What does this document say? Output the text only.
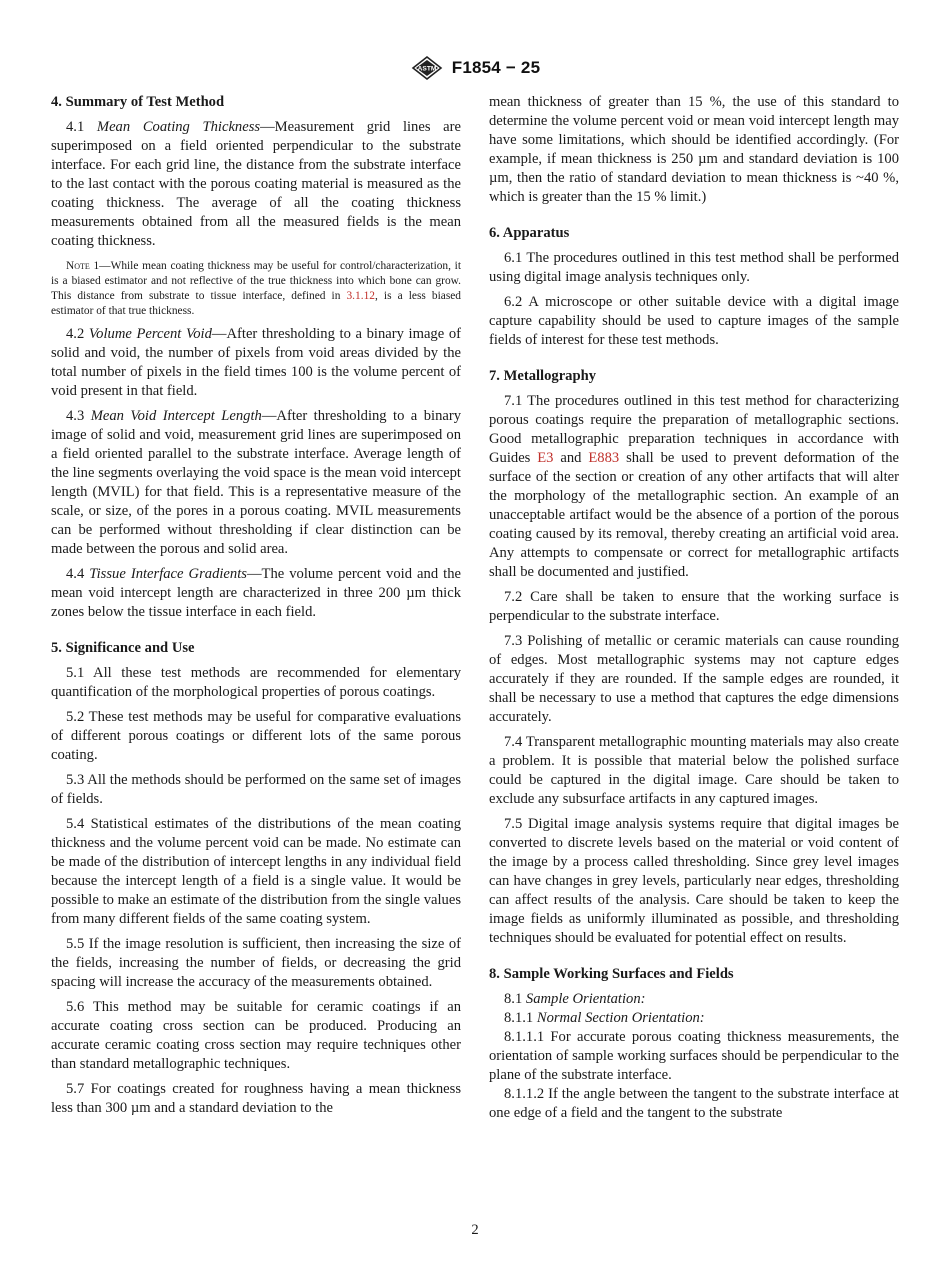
ASTM F1854 − 25
4. Summary of Test Method

4.1 Mean Coating Thickness—Measurement grid lines are superimposed on a field oriented perpendicular to the substrate interface. For each grid line, the distance from the substrate interface to the last contact with the porous coating material is measured as the coating thickness. The average of all the coating thickness measurements obtained from all the measured fields is the mean coating thickness.

Note 1—While mean coating thickness may be useful for control/characterization, it is a biased estimator and not reflective of the true thickness into which bone can grow. This distance from substrate to tissue interface, defined in 3.1.12, is a less biased estimator of that true thickness.

4.2 Volume Percent Void—After thresholding to a binary image of solid and void, the number of pixels from void areas divided by the total number of pixels in the field times 100 is the volume percent of void present in that field.

4.3 Mean Void Intercept Length—After thresholding to a binary image of solid and void, measurement grid lines are superimposed on a field oriented parallel to the substrate interface. Average length of the line segments overlaying the void space is the mean void intercept length (MVIL) for that field. This is a representative measure of the scale, or size, of the pores in a porous coating. MVIL measurements can be performed without thresholding if clear distinction can be made between the porous and solid area.

4.4 Tissue Interface Gradients—The volume percent void and the mean void intercept length are characterized in three 200 µm thick zones below the tissue interface in each field.

5. Significance and Use

5.1 All these test methods are recommended for elementary quantification of the morphological properties of porous coatings.

5.2 These test methods may be useful for comparative evaluations of different porous coatings or different lots of the same porous coating.

5.3 All the methods should be performed on the same set of images of fields.

5.4 Statistical estimates of the distributions of the mean coating thickness and the volume percent void can be made. No estimate can be made of the distribution of intercept lengths in any individual field because the intercept length of a field is a single value. It would be possible to make an estimate of the distribution from the single values from many different fields of the same coating system.

5.5 If the image resolution is sufficient, then increasing the size of the fields, increasing the number of fields, or decreasing the grid spacing will increase the accuracy of the measurements obtained.

5.6 This method may be suitable for ceramic coatings if an accurate coating cross section can be produced. Producing an accurate ceramic coating cross section may require techniques other than standard metallographic techniques.

5.7 For coatings created for roughness having a mean thickness less than 300 µm and a standard deviation to the

mean thickness of greater than 15 %, the use of this standard to determine the volume percent void or mean void intercept length may have some limitations, which should be identified accordingly. (For example, if mean thickness is 250 µm and standard deviation is 100 µm, then the ratio of standard deviation to mean thickness is ~40 %, which is greater than the 15 % limit.)

6. Apparatus

6.1 The procedures outlined in this test method shall be performed using digital image analysis techniques only.

6.2 A microscope or other suitable device with a digital image capture capability should be used to capture images of the sample fields of interest for these test methods.

7. Metallography

7.1 The procedures outlined in this test method for characterizing porous coatings require the preparation of metallographic sections. Good metallographic preparation techniques in accordance with Guides E3 and E883 shall be used to prevent deformation of the surface of the section or creation of any other artifacts that will alter the morphology of the metallographic section. An example of an unacceptable artifact would be the absence of a portion of the porous coating caused by its removal, thereby creating an artificial void area. Any attempts to compensate or correct for metallographic artifacts shall be documented and justified.

7.2 Care shall be taken to ensure that the working surface is perpendicular to the substrate interface.

7.3 Polishing of metallic or ceramic materials can cause rounding of edges. Most metallographic systems may not capture edges accurately if they are rounded. If the sample edges are rounded, it shall be necessary to use a method that captures the edge dimensions accurately.

7.4 Transparent metallographic mounting materials may also create a problem. It is possible that material below the polished surface could be captured in the digital image. Care should be taken to exclude any subsurface artifacts in any captured images.

7.5 Digital image analysis systems require that digital images be converted to discrete levels based on the material or void content of the image by a process called thresholding. Since grey level images can have changes in grey levels, particularly near edges, thresholding can affect results of the analysis. Care should be taken to keep the image fields as uniformly illuminated as possible, and thresholding techniques should be evaluated for potential effect on results.

8. Sample Working Surfaces and Fields

8.1 Sample Orientation:

8.1.1 Normal Section Orientation:

8.1.1.1 For accurate porous coating thickness measurements, the orientation of sample working surfaces should be perpendicular to the plane of the substrate interface.

8.1.1.2 If the angle between the tangent to the substrate interface at one edge of a field and the tangent to the substrate

2
